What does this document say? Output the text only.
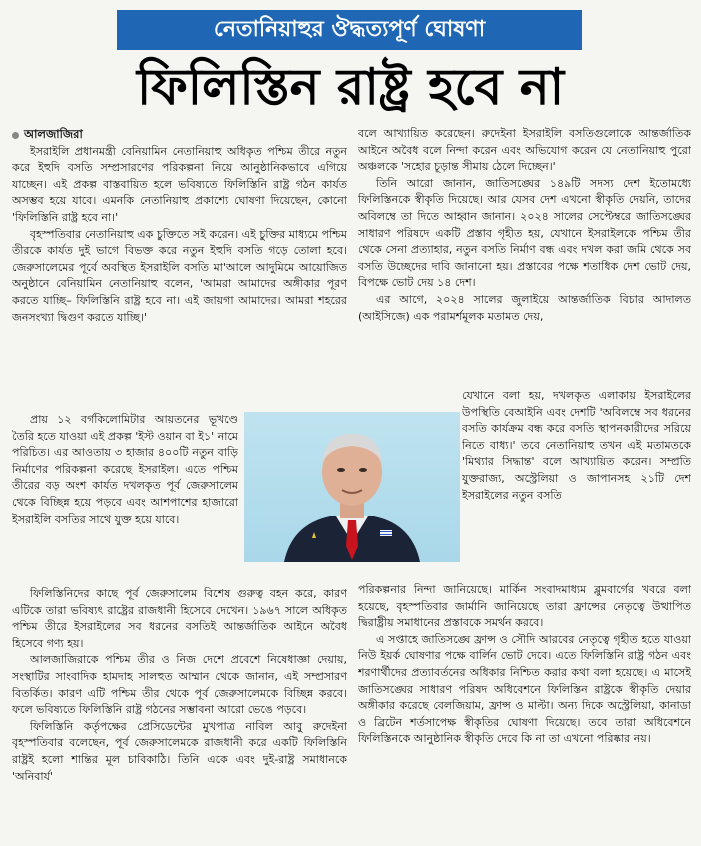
নেতানিয়াহুর ঔদ্ধত্যপূর্ণ ঘোষণা
ফিলিস্তিন রাষ্ট্র হবে না

আলজাজিরা

ইসরাইলি প্রধানমন্ত্রী বেনিয়ামিন নেতানিয়াহু অধিকৃত পশ্চিম তীরে নতুন করে ইহুদি বসতি সম্প্রসারণের পরিকল্পনা নিয়ে আনুষ্ঠানিকভাবে এগিয়ে যাচ্ছেন। এই প্রকল্প বাস্তবায়িত হলে ভবিষ্যতে ফিলিস্তিনি রাষ্ট্র গঠন কার্যত অসম্ভব হয়ে যাবে। এমনকি নেতানিয়াহু প্রকাশ্যে ঘোষণা দিয়েছেন, কোনো 'ফিলিস্তিনি রাষ্ট্র হবে না।'

বৃহস্পতিবার নেতানিয়াহু এক চুক্তিতে সই করেন। এই চুক্তির মাধ্যমে পশ্চিম তীরকে কার্যত দুই ভাগে বিভক্ত করে নতুন ইহুদি বসতি গড়ে তোলা হবে। জেরুসালেমের পূর্বে অবস্থিত ইসরাইলি বসতি মা'আলে আদুমিমে আয়োজিত অনুষ্ঠানে বেনিয়ামিন নেতানিয়াহু বলেন, 'আমরা আমাদের অঙ্গীকার পূরণ করতে যাচ্ছি– ফিলিস্তিনি রাষ্ট্র হবে না। এই জায়গা আমাদের। আমরা শহরের জনসংখ্যা দ্বিগুণ করতে যাচ্ছি।'

প্রায় ১২ বর্গকিলোমিটার আয়তনের ভূখণ্ডে তৈরি হতে যাওয়া এই প্রকল্প 'ইস্ট ওয়ান বা ই১' নামে পরিচিত। এর আওতায় ৩ হাজার ৪০০টি নতুন বাড়ি নির্মাণের পরিকল্পনা করেছে ইসরাইল। এতে পশ্চিম তীরের বড় অংশ কার্যত দখলকৃত পূর্ব জেরুসালেম থেকে বিচ্ছিন্ন হয়ে পড়বে এবং আশপাশের হাজারো ইসরাইলি বসতির সাথে যুক্ত হয়ে যাবে।

ফিলিস্তিনিদের কাছে পূর্ব জেরুসালেম বিশেষ গুরুত্ব বহন করে, কারণ এটিকে তারা ভবিষ্যৎ রাষ্ট্রের রাজধানী হিসেবে দেখেন। ১৯৬৭ সালে অধিকৃত পশ্চিম তীরে ইসরাইলের সব ধরনের বসতিই আন্তর্জাতিক আইনে অবৈধ হিসেবে গণ্য হয়।

আলজাজিরাকে পশ্চিম তীর ও নিজ দেশে প্রবেশে নিষেধাজ্ঞা দেয়ায়, সংস্থাটির সাংবাদিক হামদাহ সালহুত আম্মান থেকে জানান, এই সম্প্রসারণ বিতর্কিত। কারণ এটি পশ্চিম তীর থেকে পূর্ব জেরুসালেমকে বিচ্ছিন্ন করবে। ফলে ভবিষ্যতে ফিলিস্তিনি রাষ্ট্র গঠনের সম্ভাবনা আরো ভেঙে পড়বে।

ফিলিস্তিনি কর্তৃপক্ষের প্রেসিডেন্টের মুখপাত্র নাবিল আবু রুদেইনা বৃহস্পতিবার বলেছেন, পূর্ব জেরুসালেমকে রাজধানী করে একটি ফিলিস্তিনি রাষ্ট্রই হলো শান্তির মূল চাবিকাঠি। তিনি একে এবং দুই-রাষ্ট্র সমাধানকে 'অনিবার্য'

বলে আখ্যায়িত করেছেন। রুদেইনা ইসরাইলি বসতিগুলোকে আন্তর্জাতিক আইনে অবৈধ বলে নিন্দা করেন এবং অভিযোগ করেন যে নেতানিয়াহু পুরো অঞ্চলকে 'সহোর চূড়ান্ত সীমায় ঠেলে দিচ্ছেন।'

তিনি আরো জানান, জাতিসঙ্ঘের ১৪৯টি সদস্য দেশ ইতোমধ্যে ফিলিস্তিনকে স্বীকৃতি দিয়েছে। আর যেসব দেশ এখনো স্বীকৃতি দেয়নি, তাদের অবিলম্বে তা দিতে আহ্বান জানান। ২০২৪ সালের সেপ্টেম্বরে জাতিসঙ্ঘের সাধারণ পরিষদে একটি প্রস্তাব গৃহীত হয়, যেখানে ইসরাইলকে পশ্চিম তীর থেকে সেনা প্রত্যাহার, নতুন বসতি নির্মাণ বন্ধ এবং দখল করা জমি থেকে সব বসতি উচ্ছেদের দাবি জানানো হয়। প্রস্তাবের পক্ষে শতাধিক দেশ ভোট দেয়, বিপক্ষে ভোট দেয় ১৪ দেশ।

এর আগে, ২০২৪ সালের জুলাইয়ে আন্তর্জাতিক বিচার আদালত (আইসিজে) এক পরামর্শমূলক মতামত দেয়,

যেখানে বলা হয়, দখলকৃত এলাকায় ইসরাইলের উপস্থিতি বেআইনি এবং দেশটি 'অবিলম্বে সব ধরনের বসতি কার্যক্রম বন্ধ করে বসতি স্থাপনকারীদের সরিয়ে নিতে বাধ্য।' তবে নেতানিয়াহু তখন এই মতামতকে 'মিথ্যার সিদ্ধান্ত' বলে আখ্যায়িত করেন। সম্প্রতি যুক্তরাজ্য, অস্ট্রেলিয়া ও জাপানসহ ২১টি দেশ ইসরাইলের নতুন বসতি

পরিকল্পনার নিন্দা জানিয়েছে। মার্কিন সংবাদমাধ্যম ব্লুমবার্গের খবরে বলা হয়েছে, বৃহস্পতিবার জার্মানি জানিয়েছে তারা ফ্রান্সের নেতৃত্বে উত্থাপিত দ্বিরাষ্ট্রীয় সমাধানের প্রস্তাবকে সমর্থন করবে।

এ সপ্তাহে জাতিসঙ্ঘে ফ্রান্স ও সৌদি আরবের নেতৃত্বে গৃহীত হতে যাওয়া নিউ ইয়র্ক ঘোষণার পক্ষে বার্লিন ভোট দেবে। এতে ফিলিস্তিনি রাষ্ট্র গঠন এবং শরণার্থীদের প্রত্যাবর্তনের অধিকার নিশ্চিত করার কথা বলা হয়েছে। এ মাসেই জাতিসঙ্ঘের সাধারণ পরিষদ অধিবেশনে ফিলিস্তিন রাষ্ট্রকে স্বীকৃতি দেয়ার অঙ্গীকার করেছে বেলজিয়াম, ফ্রান্স ও মাল্টা। অন্য দিকে অস্ট্রেলিয়া, কানাডা ও ব্রিটেন শর্তসাপেক্ষ স্বীকৃতির ঘোষণা দিয়েছে। তবে তারা অধিবেশনে ফিলিস্তিনকে আনুষ্ঠানিক স্বীকৃতি দেবে কি না তা এখনো পরিষ্কার নয়।
